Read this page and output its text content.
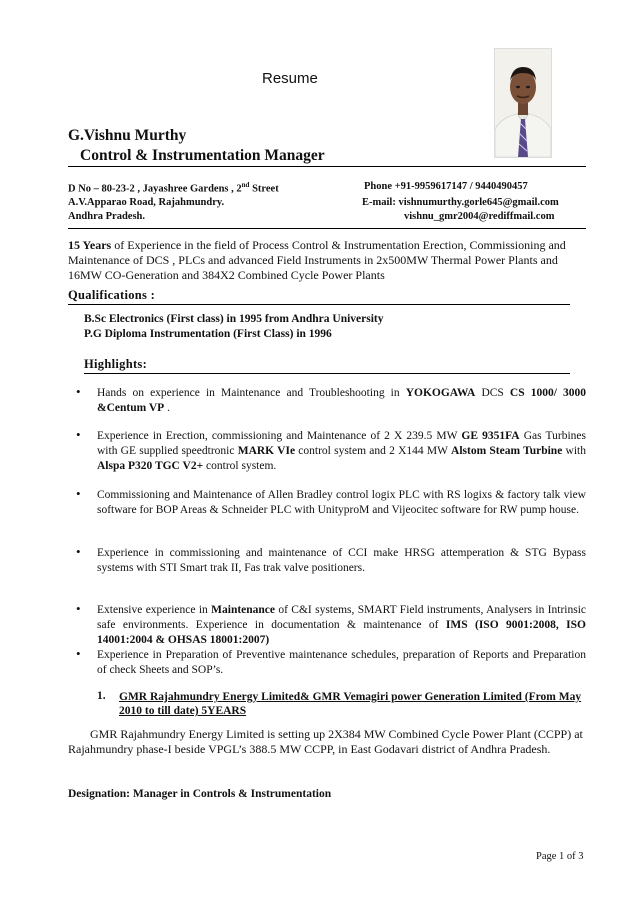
Resume
G.Vishnu Murthy
Control & Instrumentation Manager
D No – 80-23-2 , Jayashree Gardens , 2nd Street
A.V.Apparao Road, Rajahmundry.
Andhra Pradesh.
Phone +91-9959617147 / 9440490457
E-mail: vishnumurthy.gorle645@gmail.com
vishnu_gmr2004@rediffmail.com
15 Years of Experience in the field of Process Control & Instrumentation Erection, Commissioning and Maintenance of DCS , PLCs and advanced Field Instruments in 2x500MW Thermal Power Plants and 16MW CO-Generation and 384X2 Combined Cycle Power Plants
Qualifications :
B.Sc Electronics (First class) in 1995 from Andhra University
P.G Diploma Instrumentation (First Class) in 1996
Highlights:
• Hands on experience in Maintenance and Troubleshooting in YOKOGAWA DCS CS 1000/ 3000 &Centum VP .
• Experience in Erection, commissioning and Maintenance of 2 X 239.5 MW GE 9351FA Gas Turbines with GE supplied speedtronic MARK VIe control system and 2 X144 MW Alstom Steam Turbine with Alspa P320 TGC V2+ control system.
• Commissioning and Maintenance of Allen Bradley control logix PLC with RS logixs & factory talk view software for BOP Areas & Schneider PLC with UnityproM and Vijeocitec software for RW pump house.
• Experience in commissioning and maintenance of CCI make HRSG attemperation & STG Bypass systems with STI Smart trak II, Fas trak valve positioners.
• Extensive experience in Maintenance of C&I systems, SMART Field instruments, Analysers in Intrinsic safe environments. Experience in documentation & maintenance of IMS (ISO 9001:2008, ISO 14001:2004 & OHSAS 18001:2007)
• Experience in Preparation of Preventive maintenance schedules, preparation of Reports and Preparation of check Sheets and SOP’s.
1. GMR Rajahmundry Energy Limited& GMR Vemagiri power Generation Limited (From May 2010 to till date) 5YEARS
GMR Rajahmundry Energy Limited is setting up 2X384 MW Combined Cycle Power Plant (CCPP) at Rajahmundry phase-I beside VPGL’s 388.5 MW CCPP, in East Godavari district of Andhra Pradesh.
Designation: Manager in Controls & Instrumentation
Page 1 of 3
